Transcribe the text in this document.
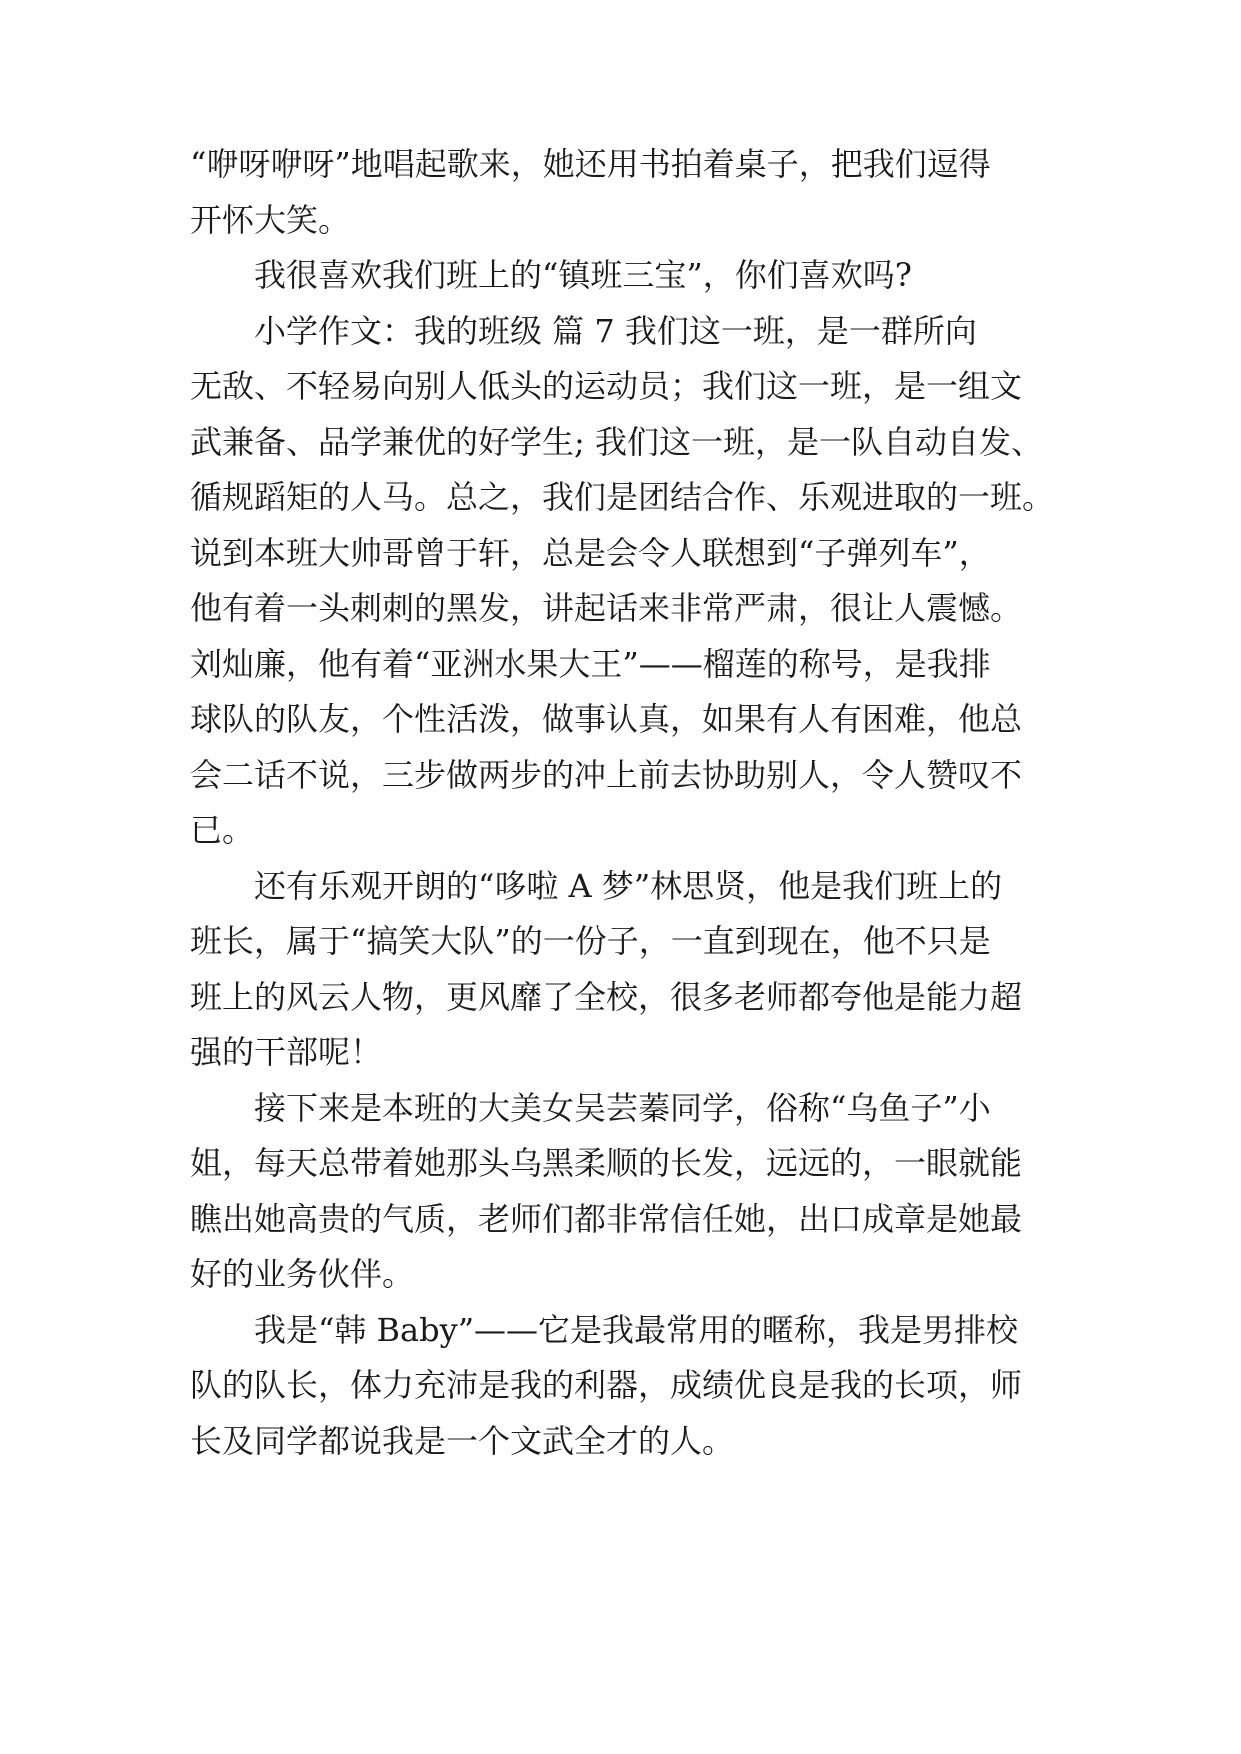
“咿呀咿呀”地唱起歌来，她还用书拍着桌子，把我们逗得
开怀大笑。
我很喜欢我们班上的“镇班三宝”，你们喜欢吗?
小学作文：我的班级 篇 7 我们这一班，是一群所向
无敌、不轻易向别人低头的运动员；我们这一班，是一组文
武兼备、品学兼优的好学生; 我们这一班，是一队自动自发、
循规蹈矩的人马。总之，我们是团结合作、乐观进取的一班。
说到本班大帅哥曾于轩，总是会令人联想到“子弹列车”，
他有着一头刺刺的黑发，讲起话来非常严肃，很让人震憾。
刘灿廉，他有着“亚洲水果大王”——榴莲的称号，是我排
球队的队友，个性活泼，做事认真，如果有人有困难，他总
会二话不说，三步做两步的冲上前去协助别人，令人赞叹不
已。
还有乐观开朗的“哆啦 A 梦”林思贤，他是我们班上的
班长，属于“搞笑大队”的一份子，一直到现在，他不只是
班上的风云人物，更风靡了全校，很多老师都夸他是能力超
强的干部呢！
接下来是本班的大美女吴芸蓁同学，俗称“乌鱼子”小
姐，每天总带着她那头乌黑柔顺的长发，远远的，一眼就能
瞧出她高贵的气质，老师们都非常信任她，出口成章是她最
好的业务伙伴。
我是“韩 Baby”——它是我最常用的暱称，我是男排校
队的队长，体力充沛是我的利器，成绩优良是我的长项，师
长及同学都说我是一个文武全才的人。
